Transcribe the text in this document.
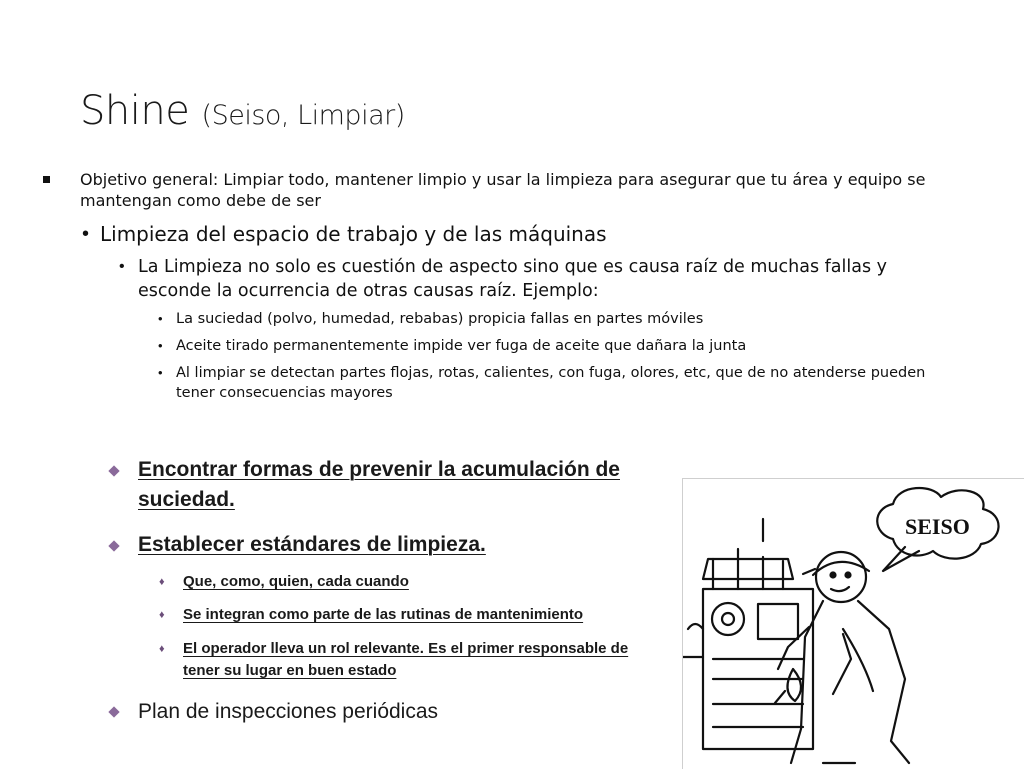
Shine (Seiso, Limpiar)
Objetivo general: Limpiar todo, mantener limpio y usar la limpieza para asegurar que tu área y equipo se mantengan como debe de ser
• Limpieza del espacio de trabajo y de las máquinas
• La Limpieza no solo es cuestión de aspecto sino que es causa raíz de muchas fallas y esconde la ocurrencia de otras causas raíz. Ejemplo:
• La suciedad (polvo, humedad, rebabas) propicia fallas en partes móviles
• Aceite tirado permanentemente impide ver fuga de aceite que dañara la junta
• Al limpiar se detectan partes flojas, rotas, calientes, con fuga, olores, etc, que de no atenderse pueden tener consecuencias mayores
Encontrar formas de prevenir la acumulación de suciedad.
Establecer estándares de limpieza.
♦ Que, como, quien, cada cuando
♦ Se integran como parte de las rutinas de mantenimiento
♦ El operador lleva un rol relevante. Es el primer responsable de tener su lugar en buen estado
Plan de inspecciones periódicas
SEISO
